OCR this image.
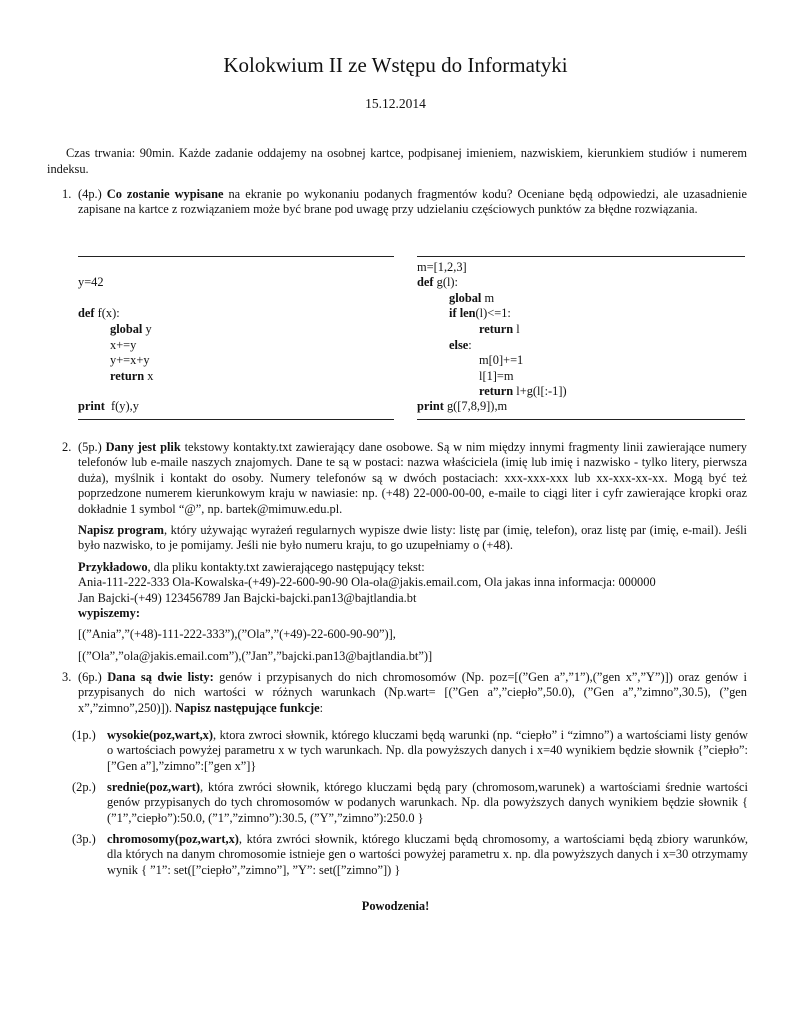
Kolokwium II ze Wstępu do Informatyki
15.12.2014

Czas trwania: 90min. Każde zadanie oddajemy na osobnej kartce, podpisanej imieniem, nazwiskiem, kierunkiem studiów i numerem indeksu.

1. (4p.) Co zostanie wypisane na ekranie po wykonaniu podanych fragmentów kodu? Oceniane będą odpowiedzi, ale uzasadnienie zapisane na kartce z rozwiązaniem może być brane pod uwagę przy udzielaniu częściowych punktów za błędne rozwiązania.

y=42
def f(x):
global y
x+=y
y+=x+y
return x
print  f(y),y
m=[1,2,3]
def g(l):
global m
if len(l)<=1:
return l
else:
m[0]+=1
l[1]=m
return l+g(l[:-1])
print g([7,8,9]),m
2. (5p.) Dany jest plik tekstowy kontakty.txt zawierający dane osobowe. Są w nim między innymi fragmenty linii zawierające numery telefonów lub e-maile naszych znajomych. Dane te są w postaci: nazwa właściciela (imię lub imię i nazwisko - tylko litery, pierwsza duża), myślnik i kontakt do osoby. Numery telefonów są w dwóch postaciach: xxx-xxx-xxx lub xx-xxx-xx-xx. Mogą być też poprzedzone numerem kierunkowym kraju w nawiasie: np. (+48) 22-000-00-00, e-maile to ciągi liter i cyfr zawierające kropki oraz dokładnie 1 symbol “@”, np. bartek@mimuw.edu.pl.

Napisz program, który używając wyrażeń regularnych wypisze dwie listy: listę par (imię, telefon), oraz listę par (imię, e-mail). Jeśli było nazwisko, to je pomijamy. Jeśli nie było numeru kraju, to go uzupełniamy o (+48).

Przykładowo, dla pliku kontakty.txt zawierającego następujący tekst:
Ania-111-222-333 Ola-Kowalska-(+49)-22-600-90-90 Ola-ola@jakis.email.com, Ola jakas inna informacja: 000000
Jan Bajcki-(+49) 123456789 Jan Bajcki-bajcki.pan13@bajtlandia.bt
wypiszemy:

[(”Ania”,”(+48)-111-222-333”),(”Ola”,”(+49)-22-600-90-90”)],

[(”Ola”,”ola@jakis.email.com”),(”Jan”,”bajcki.pan13@bajtlandia.bt”)]

3. (6p.) Dana są dwie listy: genów i przypisanych do nich chromosomów (Np. poz=[(”Gen a”,”1”),(”gen x”,”Y”)]) oraz genów i przypisanych do nich wartości w różnych warunkach (Np.wart= [(”Gen a”,”ciepło”,50.0), (”Gen a”,”zimno”,30.5), (”gen x”,”zimno”,250)]). Napisz następujące funkcje:

(1p.) wysokie(poz,wart,x), ktora zwroci słownik, którego kluczami będą warunki (np. “ciepło” i “zimno”) a wartościami listy genów o wartościach powyżej parametru x w tych warunkach. Np. dla powyższych danych i x=40 wynikiem będzie słownik {”ciepło”:[”Gen a”],”zimno”:[”gen x”]}
(2p.) srednie(poz,wart), która zwróci słownik, którego kluczami będą pary (chromosom,warunek) a wartościami średnie wartości genów przypisanych do tych chromosomów w podanych warunkach. Np. dla powyższych danych wynikiem będzie słownik { (”1”,”ciepło”):50.0, (”1”,”zimno”):30.5, (”Y”,”zimno”):250.0 }
(3p.) chromosomy(poz,wart,x), która zwróci słownik, którego kluczami będą chromosomy, a wartościami będą zbiory warunków, dla których na danym chromosomie istnieje gen o wartości powyżej parametru x. np. dla powyższych danych i x=30 otrzymamy wynik { ”1”: set([”ciepło”,”zimno”], ”Y”: set([”zimno”]) }
Powodzenia!
